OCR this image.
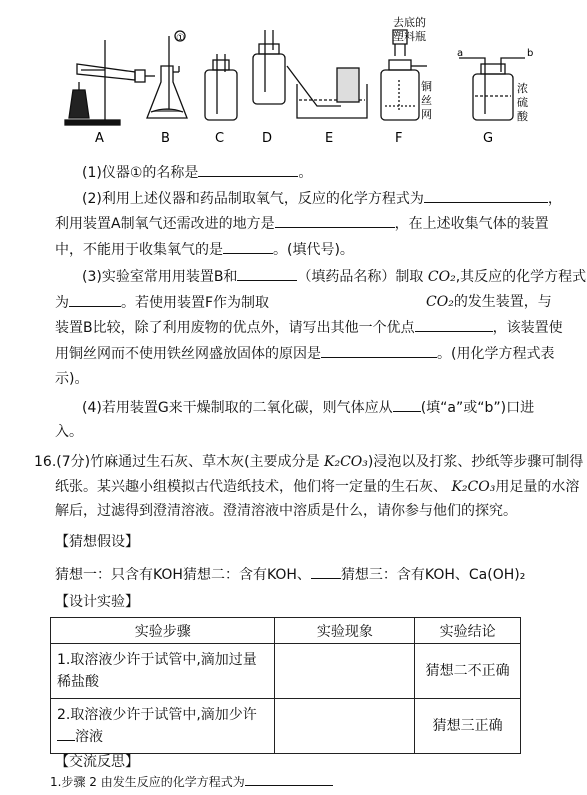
A	B	C	D	E	F	G
①
去底的
塑料瓶
铜
丝
网
a	b
浓
硫
酸
(1)仪器①的名称是	。
(2)利用上述仪器和药品制取氧气，反应的化学方程式为	，
利用装置A制氧气还需改进的地方是	，在上述收集气体的装置
中，不能用于收集氧气的是	。(填代号)。
(3)实验室常用用装置B和	（填药品名称）制取 CO₂,其反应的化学方程式
为	。若使用装置F作为制取	CO₂的发生装置，与
装置B比较，除了利用废物的优点外，请写出其他一个优点	，该装置使
用铜丝网而不使用铁丝网盛放固体的原因是	。(用化学方程式表
示)。
(4)若用装置G来干燥制取的二氧化碳，则气体应从 (填“a”或“b”)口进
入。
16.(7分)竹麻通过生石灰、草木灰(主要成分是 K₂CO₃)浸泡以及打浆、抄纸等步骤可制得
纸张。某兴趣小组模拟古代造纸技术，他们将一定量的生石灰、 K₂CO₃用足量的水溶
解后，过滤得到澄清溶液。澄清溶液中溶质是什么，请你参与他们的探究。
【猜想假设】
猜想一：只含有KOH猜想二：含有KOH、 猜想三：含有KOH、Ca(OH)₂
【设计实验】
实验步骤	实验现象	实验结论

1.取溶液少许于试管中,滴加过量
稀盐酸		猜想二不正确

2.取溶液少许于试管中,滴加少许
溶液		猜想三正确
【交流反思】
1.步骤 2 由发生反应的化学方程式为
